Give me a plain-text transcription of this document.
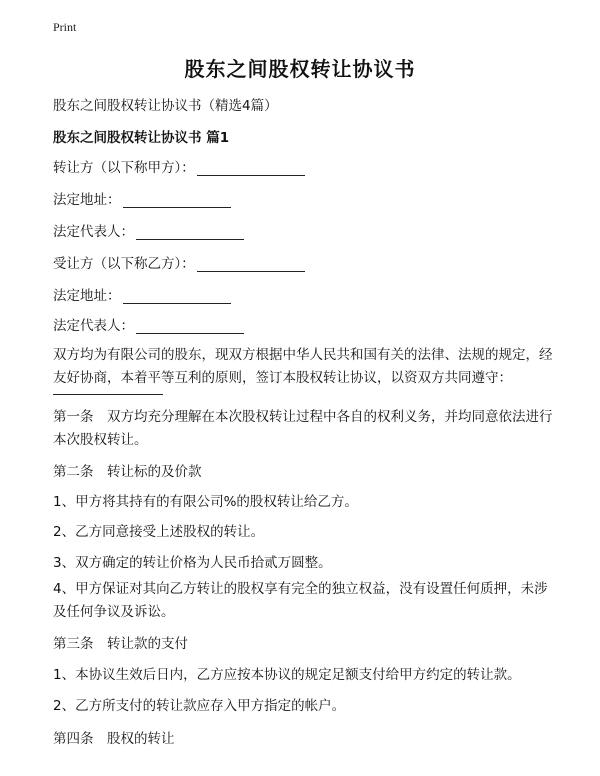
Print
股东之间股权转让协议书
股东之间股权转让协议书（精选4篇）
股东之间股权转让协议书 篇1
转让方（以下称甲方）：
法定地址：
法定代表人：
受让方（以下称乙方）：
法定地址：
法定代表人：
双方均为有限公司的股东，现双方根据中华人民共和国有关的法律、法规的规定，经友好协商，本着平等互利的原则，签订本股权转让协议，以资双方共同遵守：
第一条　双方均充分理解在本次股权转让过程中各自的权利义务，并均同意依法进行本次股权转让。
第二条　转让标的及价款
1、甲方将其持有的有限公司%的股权转让给乙方。
2、乙方同意接受上述股权的转让。
3、双方确定的转让价格为人民币拾贰万圆整。
4、甲方保证对其向乙方转让的股权享有完全的独立权益，没有设置任何质押，未涉及任何争议及诉讼。
第三条　转让款的支付
1、本协议生效后日内，乙方应按本协议的规定足额支付给甲方约定的转让款。
2、乙方所支付的转让款应存入甲方指定的帐户。
第四条　股权的转让
